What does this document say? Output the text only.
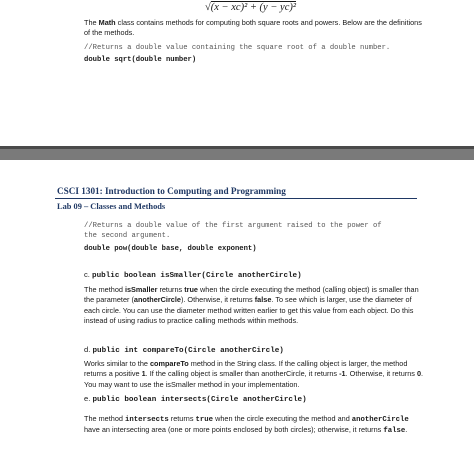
√(x − xc)² + (y − yc)²
The Math class contains methods for computing both square roots and powers. Below are the definitions of the methods.
//Returns a double value containing the square root of a double number.
double sqrt(double number)
CSCI 1301: Introduction to Computing and Programming
Lab 09 – Classes and Methods
//Returns a double value of the first argument raised to the power of
the second argument.
double pow(double base, double exponent)
c. public boolean isSmaller(Circle anotherCircle)
The method isSmaller returns true when the circle executing the method (calling object) is smaller than the parameter (anotherCircle). Otherwise, it returns false. To see which is larger, use the diameter of each circle. You can use the diameter method written earlier to get this value from each object. Do this instead of using radius to practice calling methods within methods.
d. public int compareTo(Circle anotherCircle)
Works similar to the compareTo method in the String class. If the calling object is larger, the method returns a positive 1. If the calling object is smaller than anotherCircle, it returns -1. Otherwise, it returns 0. You may want to use the isSmaller method in your implementation.
e. public boolean intersects(Circle anotherCircle)
The method intersects returns true when the circle executing the method and anotherCircle have an intersecting area (one or more points enclosed by both circles); otherwise, it returns false.
